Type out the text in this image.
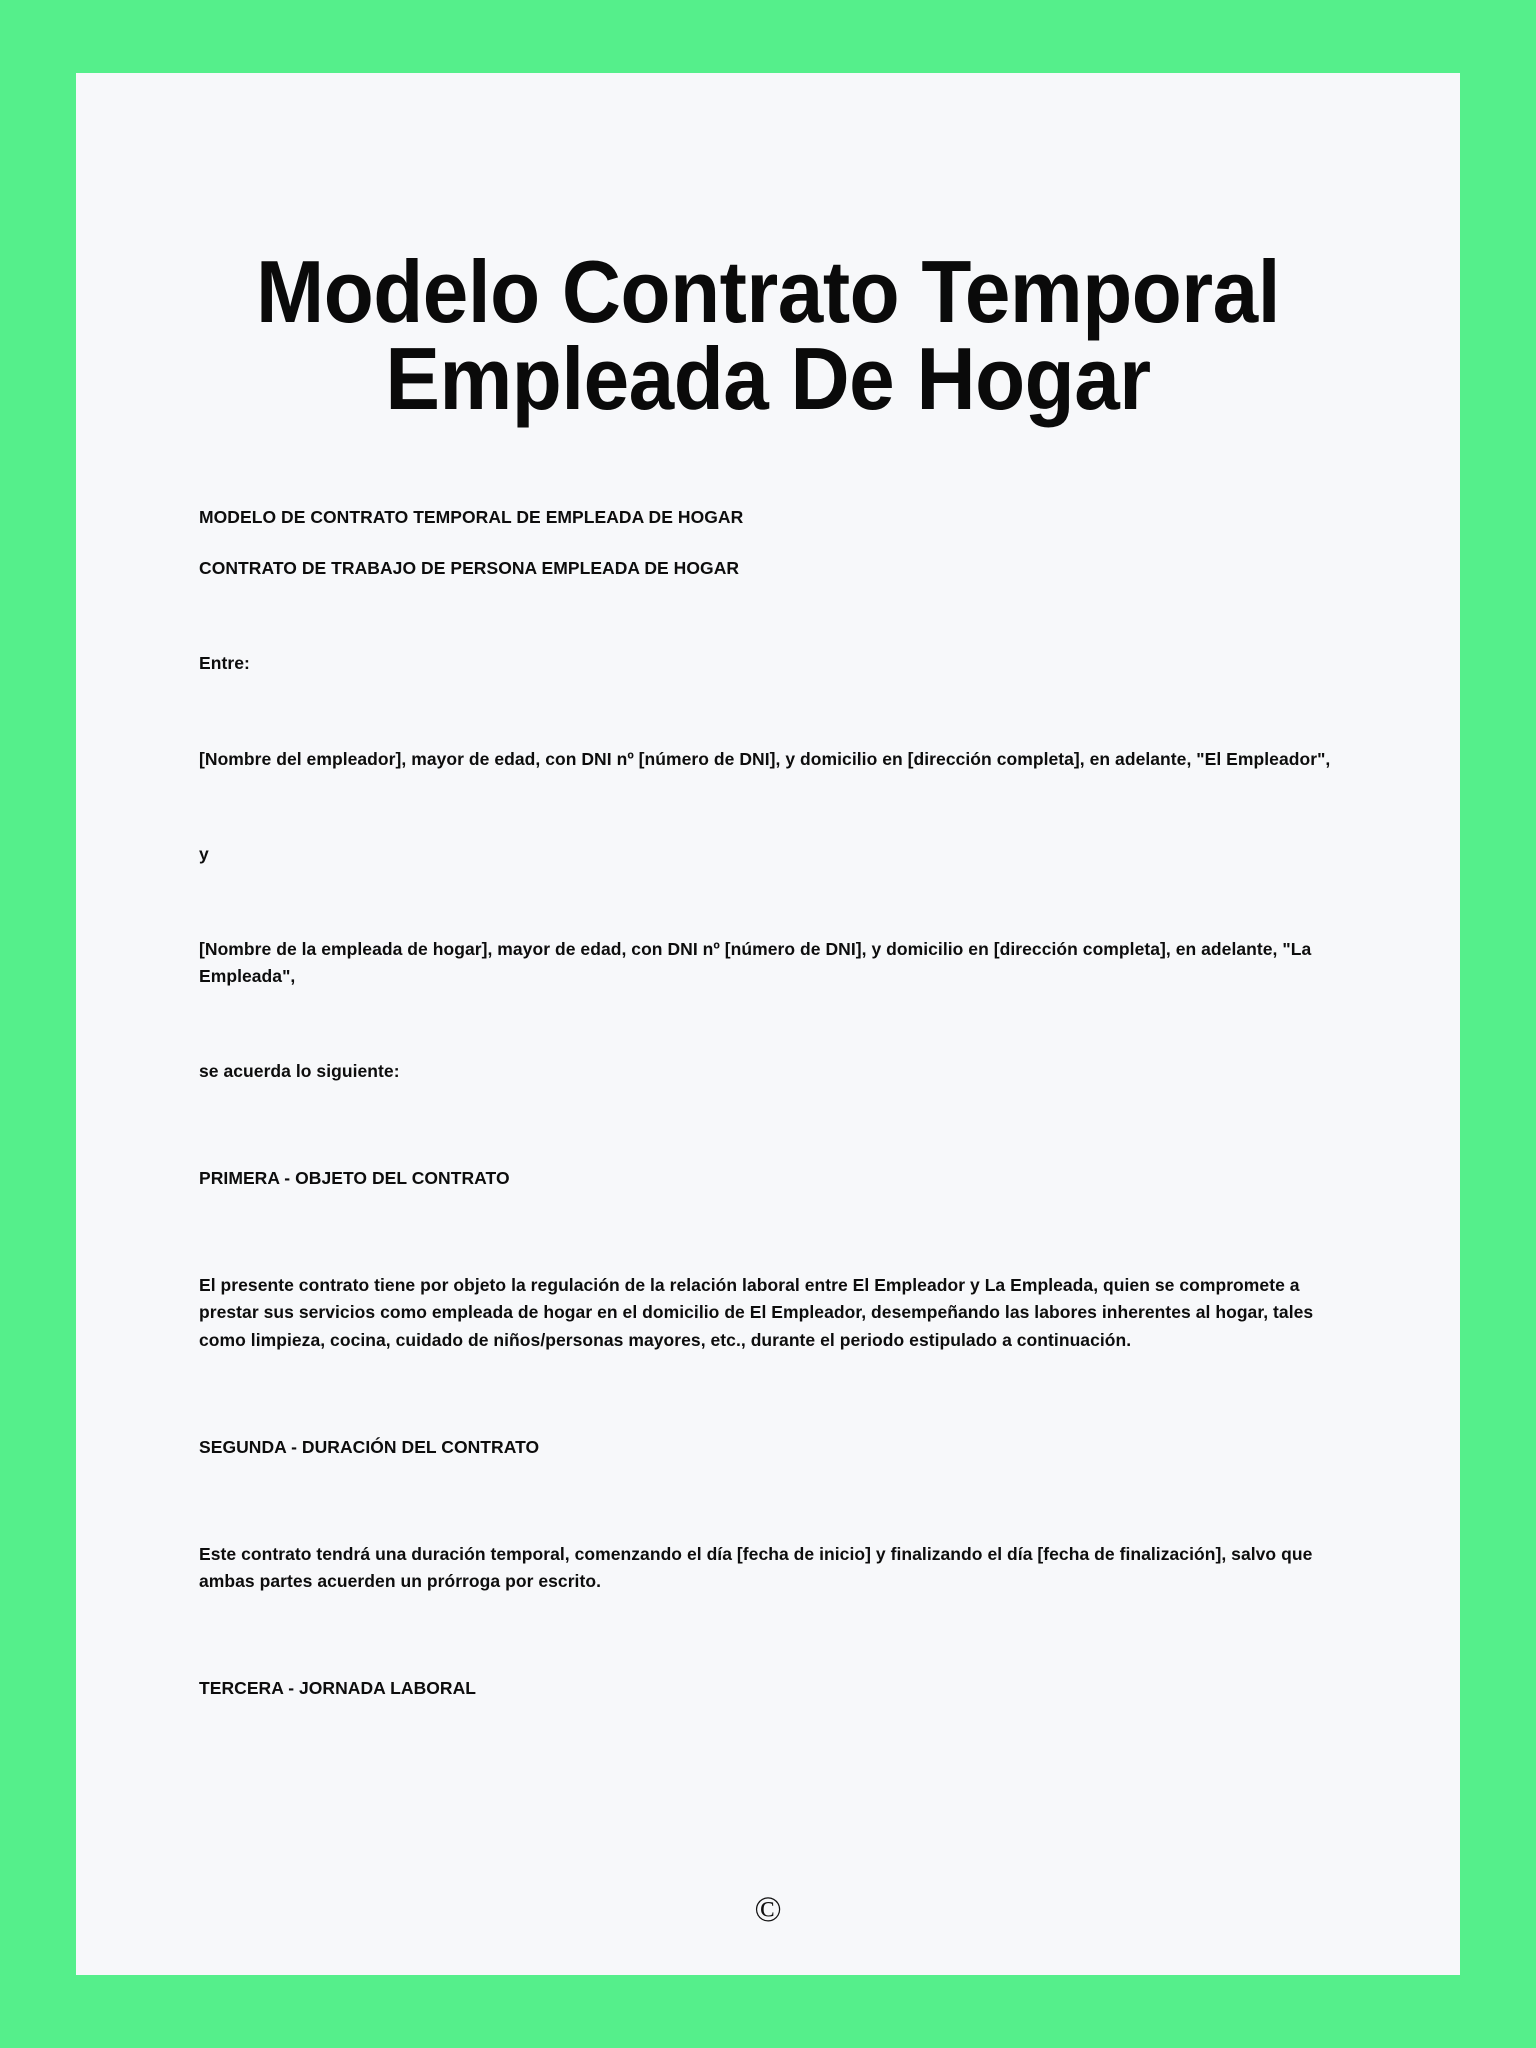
Modelo Contrato Temporal
Empleada De Hogar

MODELO DE CONTRATO TEMPORAL DE EMPLEADA DE HOGAR

CONTRATO DE TRABAJO DE PERSONA EMPLEADA DE HOGAR

Entre:

[Nombre del empleador], mayor de edad, con DNI nº [número de DNI], y domicilio en [dirección completa], en adelante, "El Empleador",

y

[Nombre de la empleada de hogar], mayor de edad, con DNI nº [número de DNI], y domicilio en [dirección completa], en adelante, "La Empleada",

se acuerda lo siguiente:

PRIMERA - OBJETO DEL CONTRATO

El presente contrato tiene por objeto la regulación de la relación laboral entre El Empleador y La Empleada, quien se compromete a prestar sus servicios como empleada de hogar en el domicilio de El Empleador, desempeñando las labores inherentes al hogar, tales como limpieza, cocina, cuidado de niños/personas mayores, etc., durante el periodo estipulado a continuación.

SEGUNDA - DURACIÓN DEL CONTRATO

Este contrato tendrá una duración temporal, comenzando el día [fecha de inicio] y finalizando el día [fecha de finalización], salvo que ambas partes acuerden un prórroga por escrito.

TERCERA - JORNADA LABORAL

©
